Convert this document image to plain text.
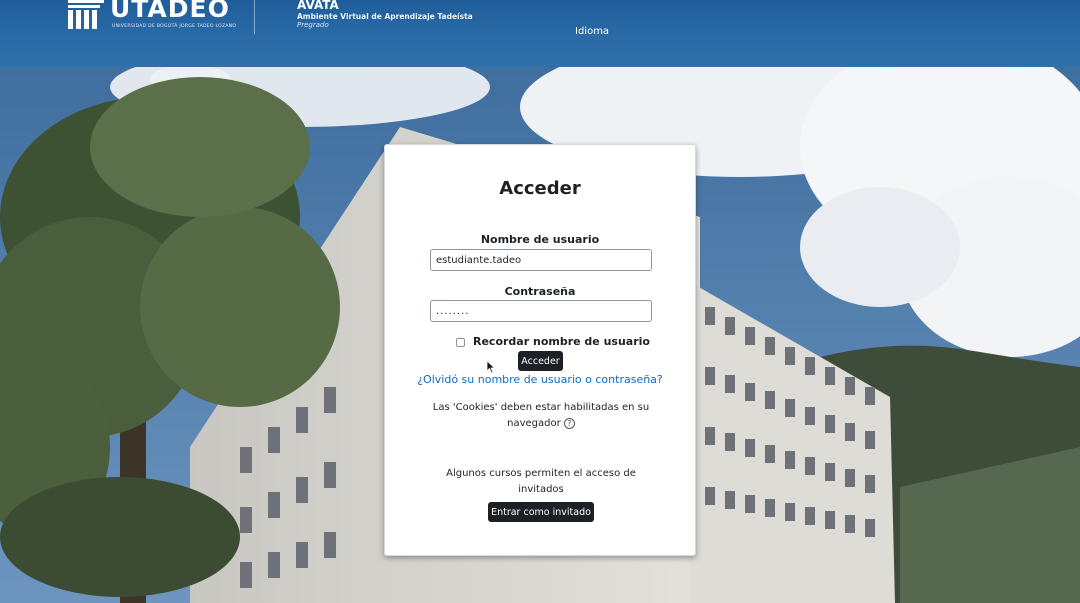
UTADEO
UNIVERSIDAD DE BOGOTÁ JORGE TADEO LOZANO
AVATA
Ambiente Virtual de Aprendizaje Tadeísta
Pregrado
Idioma
Acceder
Nombre de usuario
estudiante.tadeo
Contraseña
........
Recordar nombre de usuario
Acceder
¿Olvidó su nombre de usuario o contraseña?
Las 'Cookies' deben estar habilitadas en su navegador ?
Algunos cursos permiten el acceso de invitados
Entrar como invitado
